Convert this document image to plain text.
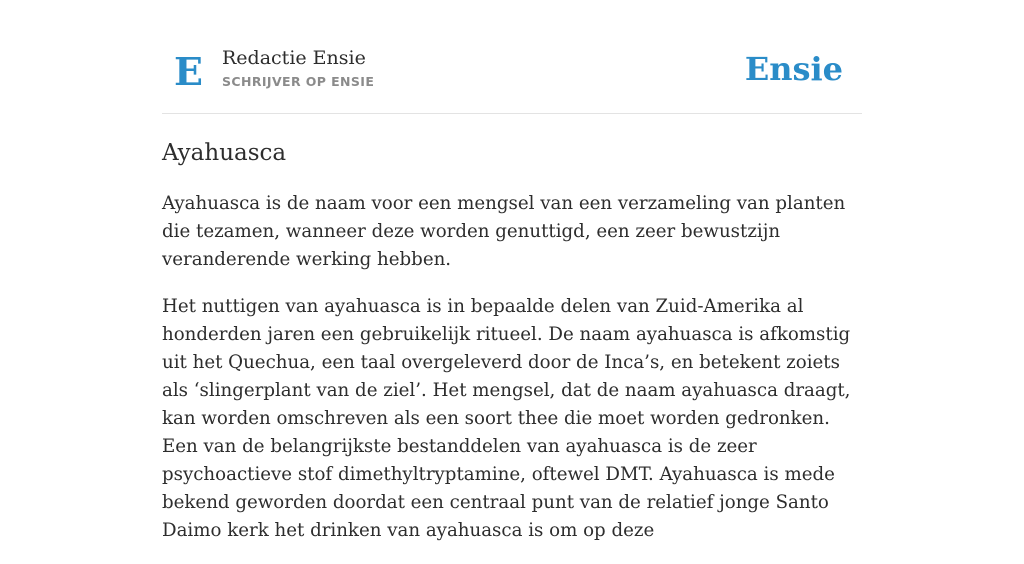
E Redactie Ensie
SCHRIJVER OP ENSIE	Ensie
Ayahuasca

Ayahuasca is de naam voor een mengsel van een verzameling van planten die tezamen, wanneer deze worden genuttigd, een zeer bewustzijn veranderende werking hebben.

Het nuttigen van ayahuasca is in bepaalde delen van Zuid-Amerika al honderden jaren een gebruikelijk ritueel. De naam ayahuasca is afkomstig uit het Quechua, een taal overgeleverd door de Inca’s, en betekent zoiets als ‘slingerplant van de ziel’. Het mengsel, dat de naam ayahuasca draagt, kan worden omschreven als een soort thee die moet worden gedronken. Een van de belangrijkste bestanddelen van ayahuasca is de zeer psychoactieve stof dimethyltryptamine, oftewel DMT. Ayahuasca is mede bekend geworden doordat een centraal punt van de relatief jonge Santo Daimo kerk het drinken van ayahuasca is om op deze
